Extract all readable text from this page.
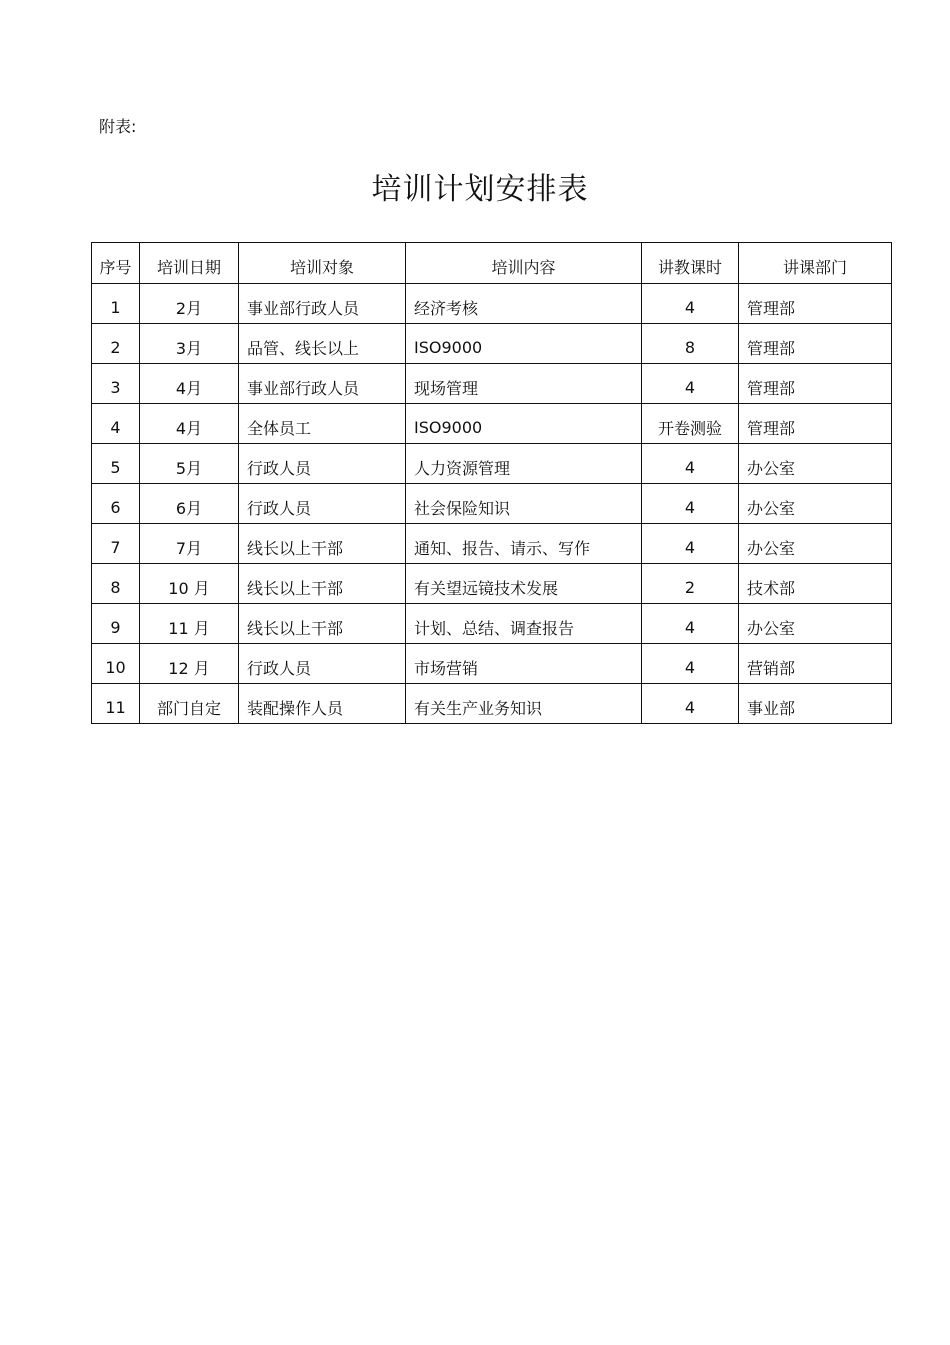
附表:
培训计划安排表
序号	培训日期	培训对象	培训内容	讲教课时	讲课部门
1	2月	事业部行政人员	经济考核	4	管理部
2	3月	品管、线长以上	ISO9000	8	管理部
3	4月	事业部行政人员	现场管理	4	管理部
4	4月	全体员工	ISO9000	开卷测验	管理部
5	5月	行政人员	人力资源管理	4	办公室
6	6月	行政人员	社会保险知识	4	办公室
7	7月	线长以上干部	通知、报告、请示、写作	4	办公室
8	10 月	线长以上干部	有关望远镜技术发展	2	技术部
9	11 月	线长以上干部	计划、总结、调查报告	4	办公室
10	12 月	行政人员	市场营销	4	营销部
11	部门自定	装配操作人员	有关生产业务知识	4	事业部
